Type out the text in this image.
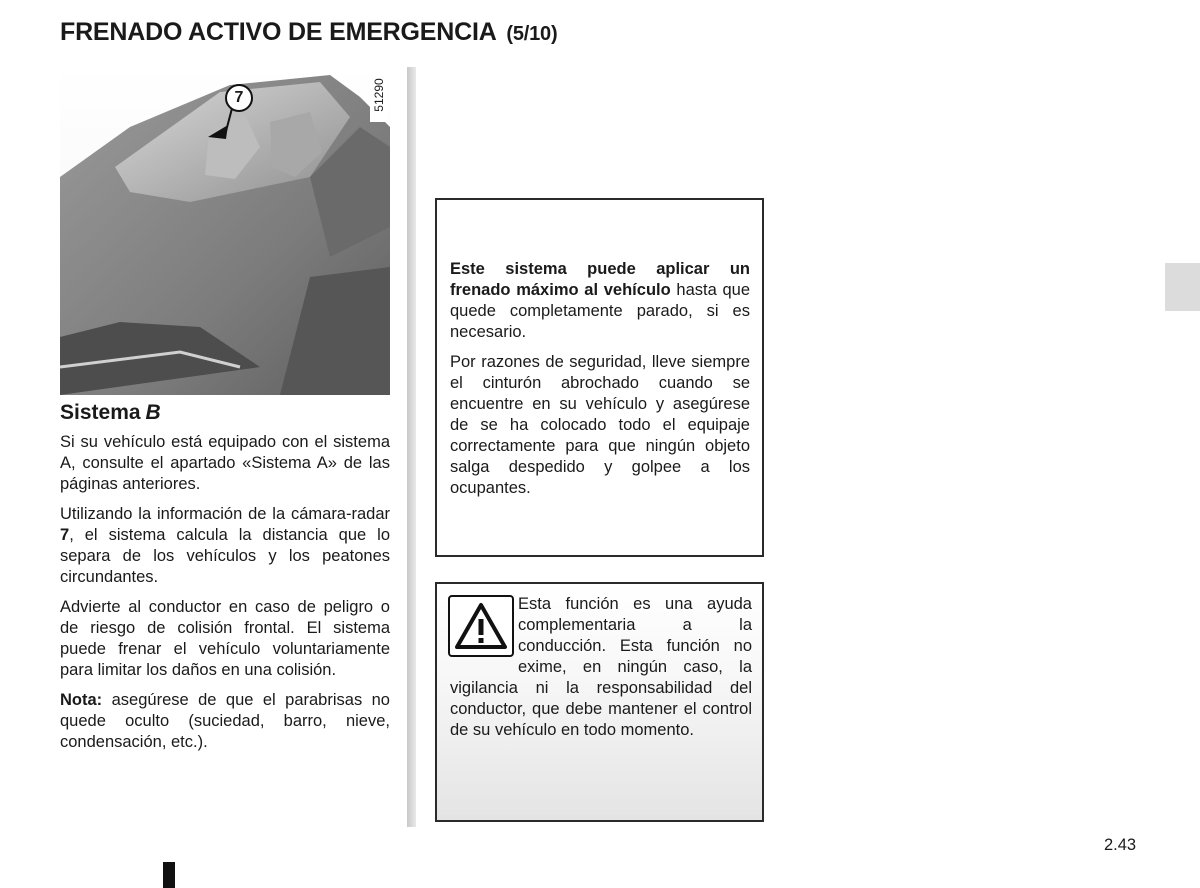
FRENADO ACTIVO DE EMERGENCIA (5/10)
7	51290
Sistema B

Si su vehículo está equipado con el sistema A, consulte el apartado «Sistema A» de las páginas anteriores.

Utilizando la información de la cámara-radar 7, el sistema calcula la distancia que lo separa de los vehículos y los peatones circundantes.

Advierte al conductor en caso de peligro o de riesgo de colisión frontal. El sistema puede frenar el vehículo voluntariamente para limitar los daños en una colisión.

Nota: asegúrese de que el parabrisas no quede oculto (suciedad, barro, nieve, condensación, etc.).

Este sistema puede aplicar un frenado máximo al vehículo hasta que quede completamente parado, si es necesario.

Por razones de seguridad, lleve siempre el cinturón abrochado cuando se encuentre en su vehículo y asegúrese de se ha colocado todo el equipaje correctamente para que ningún objeto salga despedido y golpee a los ocupantes.

Esta función es una ayuda complementaria a la conducción. Esta función no exime, en ningún caso, la vigilancia ni la responsabilidad del conductor, que debe mantener el control de su vehículo en todo momento.
2.43
